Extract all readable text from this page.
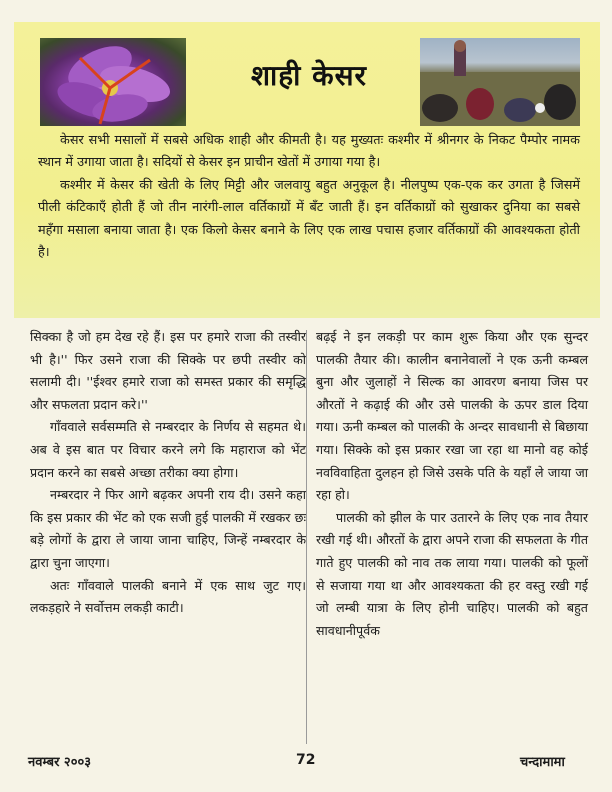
शाही केसर

केसर सभी मसालों में सबसे अधिक शाही और कीमती है। यह मुख्यतः कश्मीर में श्रीनगर के निकट पैम्पोर नामक स्थान में उगाया जाता है। सदियों से केसर इन प्राचीन खेतों में उगाया गया है।

कश्मीर में केसर की खेती के लिए मिट्टी और जलवायु बहुत अनुकूल है। नीलपुष्प एक-एक कर उगता है जिसमें पीली कंटिकाएँ होती हैं जो तीन नारंगी-लाल वर्तिकाग्रों में बँट जाती हैं। इन वर्तिकाग्रों को सुखाकर दुनिया का सबसे महँगा मसाला बनाया जाता है। एक किलो केसर बनाने के लिए एक लाख पचास हजार वर्तिकाग्रों की आवश्यकता होती है।

सिक्का है जो हम देख रहे हैं। इस पर हमारे राजा की तस्वीर भी है।'' फिर उसने राजा की सिक्के पर छपी तस्वीर को सलामी दी। ''ईश्वर हमारे राजा को समस्त प्रकार की समृद्धि और सफलता प्रदान करे।''

गाँववाले सर्वसम्मति से नम्बरदार के निर्णय से सहमत थे। अब वे इस बात पर विचार करने लगे कि महाराज को भेंट प्रदान करने का सबसे अच्छा तरीका क्या होगा।

नम्बरदार ने फिर आगे बढ़कर अपनी राय दी। उसने कहा कि इस प्रकार की भेंट को एक सजी हुई पालकी में रखकर छः बड़े लोगों के द्वारा ले जाया जाना चाहिए, जिन्हें नम्बरदार के द्वारा चुना जाएगा।

अतः गाँववाले पालकी बनाने में एक साथ जुट गए। लकड़हारे ने सर्वोत्तम लकड़ी काटी।

बढ़ई ने इन लकड़ी पर काम शुरू किया और एक सुन्दर पालकी तैयार की। कालीन बनानेवालों ने एक ऊनी कम्बल बुना और जुलाहों ने सिल्क का आवरण बनाया जिस पर औरतों ने कढ़ाई की और उसे पालकी के ऊपर डाल दिया गया। ऊनी कम्बल को पालकी के अन्दर सावधानी से बिछाया गया। सिक्के को इस प्रकार रखा जा रहा था मानो वह कोई नवविवाहिता दुलहन हो जिसे उसके पति के यहाँ ले जाया जा रहा हो।

पालकी को झील के पार उतारने के लिए एक नाव तैयार रखी गई थी। औरतों के द्वारा अपने राजा की सफलता के गीत गाते हुए पालकी को नाव तक लाया गया। पालकी को फूलों से सजाया गया था और आवश्यकता की हर वस्तु रखी गई जो लम्बी यात्रा के लिए होनी चाहिए। पालकी को बहुत सावधानीपूर्वक

नवम्बर २००३	72	चन्दामामा
